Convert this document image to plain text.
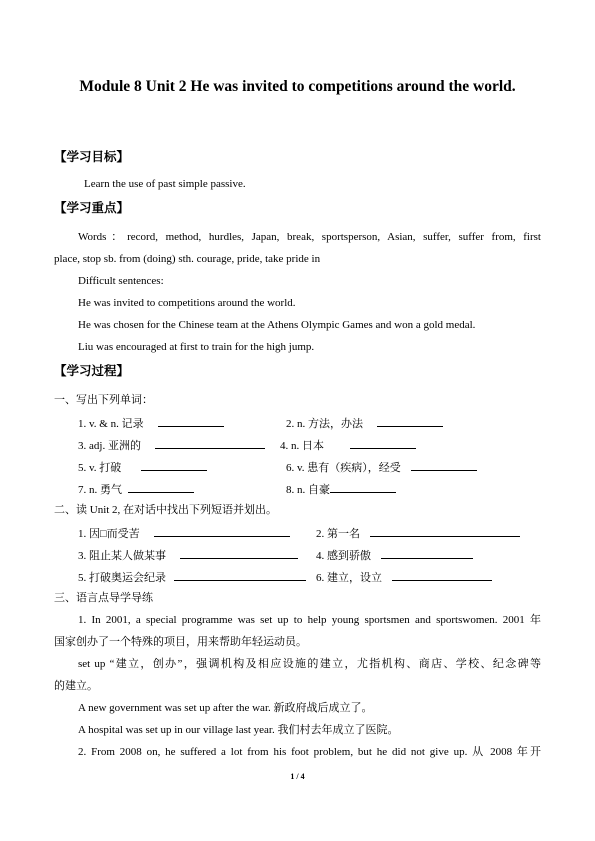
Module 8 Unit 2 He was invited to competitions around the world.
【学习目标】
Learn the use of past simple passive.
【学习重点】
Words：record, method, hurdles, Japan, break, sportsperson, Asian, suffer, suffer from, first
place, stop sb. from (doing) sth. courage, pride, take pride in
Difficult sentences:
He was invited to competitions around the world.
He was chosen for the Chinese team at the Athens Olympic Games and won a gold medal.
Liu was encouraged at first to train for the high jump.
【学习过程】
一、写出下列单词：
1. v. & n. 记录	2. n. 方法，办法
3. adj. 亚洲的	4. n. 日本
5. v. 打破	6. v. 患有（疾病），经受
7. n. 勇气	8. n. 自豪
二、读 Unit 2, 在对话中找出下列短语并划出。
1. 因□而受苦	2. 第一名
3. 阻止某人做某事	4. 感到骄傲
5. 打破奥运会纪录	6. 建立，设立
三、语言点导学导练
1. In 2001, a special programme was set up to help young sportsmen and sportswomen. 2001 年
国家创办了一个特殊的项目，用来帮助年轻运动员。
set up “建立，创办”，强调机构及相应设施的建立，尤指机构、商店、学校、纪念碑等
的建立。
A new government was set up after the war. 新政府战后成立了。
A hospital was set up in our village last year. 我们村去年成立了医院。
2. From 2008 on, he suffered a lot from his foot problem, but he did not give up. 从 2008 年开
1 / 4
